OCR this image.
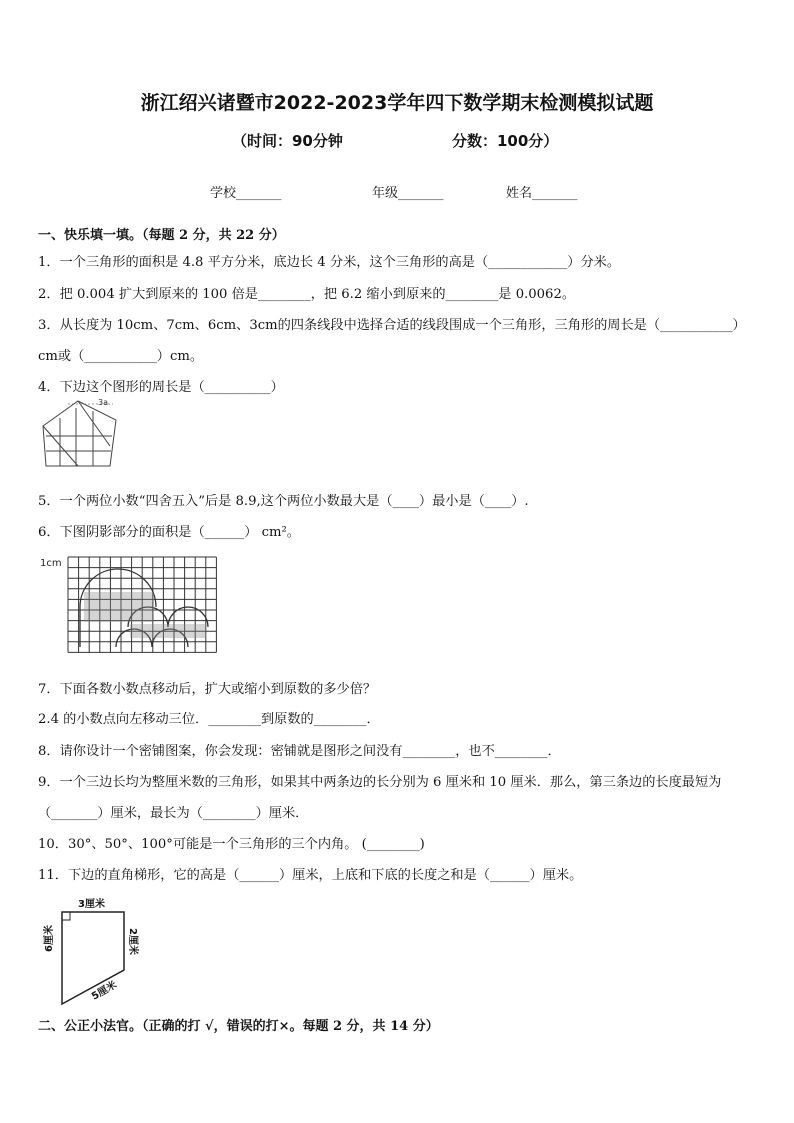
浙江绍兴诸暨市2022-2023学年四下数学期末检测模拟试题
（时间：90分钟	分数：100分）
学校_______	年级_______	姓名_______
一、快乐填一填。（每题 2 分，共 22 分）
1．一个三角形的面积是 4.8 平方分米，底边长 4 分米，这个三角形的高是（____________）分米。
2．把 0.004 扩大到原来的 100 倍是________，把 6.2 缩小到原来的________是 0.0062。
3．从长度为 10cm、7cm、6cm、3cm的四条线段中选择合适的线段围成一个三角形，三角形的周长是（___________）
cm或（___________）cm。
4．下边这个图形的周长是（__________）
3a
5．一个两位小数“四舍五入”后是 8.9,这个两位小数最大是（____）最小是（____）.
6．下图阴影部分的面积是（______） cm²。
1cm
7．下面各数小数点移动后，扩大或缩小到原数的多少倍？
2.4 的小数点向左移动三位．________到原数的________．
8．请你设计一个密铺图案，你会发现：密铺就是图形之间没有________，也不________．
9．一个三边长均为整厘米数的三角形，如果其中两条边的长分别为 6 厘米和 10 厘米．那么，第三条边的长度最短为
（_______）厘米，最长为（________）厘米．
10．30°、50°、100°可能是一个三角形的三个内角。 (________)
11．下边的直角梯形，它的高是（______）厘米，上底和下底的长度之和是（______）厘米。
3厘米
6厘米	2厘米
5厘米
二、公正小法官。（正确的打 √，错误的打×。每题 2 分，共 14 分）
